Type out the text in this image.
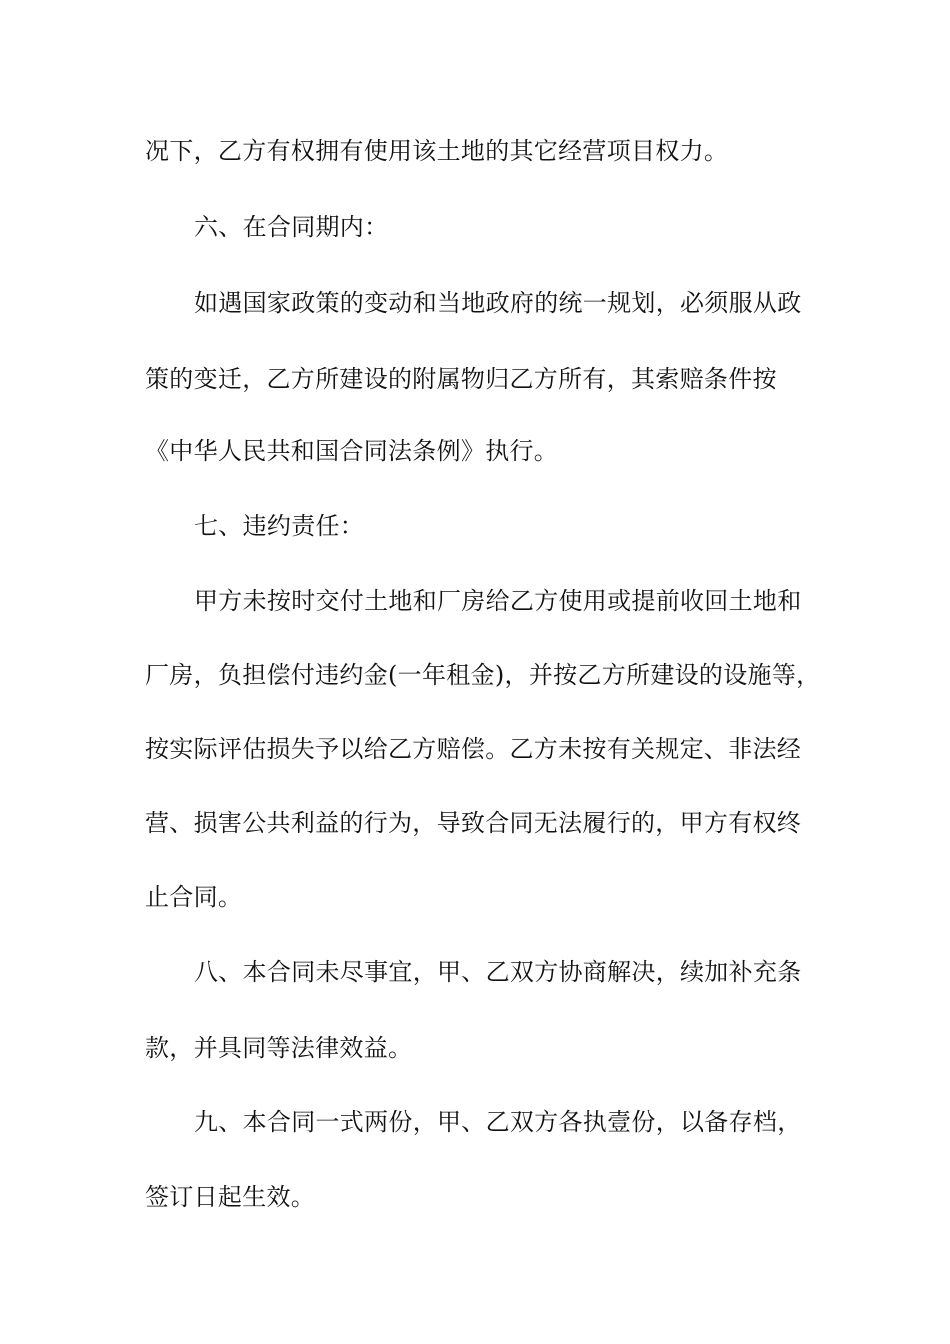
况下，乙方有权拥有使用该土地的其它经营项目权力。

六、在合同期内：

如遇国家政策的变动和当地政府的统一规划，必须服从政

策的变迁，乙方所建设的附属物归乙方所有，其索赔条件按

《中华人民共和国合同法条例》执行。

七、违约责任：

甲方未按时交付土地和厂房给乙方使用或提前收回土地和

厂房，负担偿付违约金(一年租金)，并按乙方所建设的设施等，

按实际评估损失予以给乙方赔偿。乙方未按有关规定、非法经

营、损害公共利益的行为，导致合同无法履行的，甲方有权终

止合同。

八、本合同未尽事宜，甲、乙双方协商解决，续加补充条

款，并具同等法律效益。

九、本合同一式两份，甲、乙双方各执壹份，以备存档，

签订日起生效。
